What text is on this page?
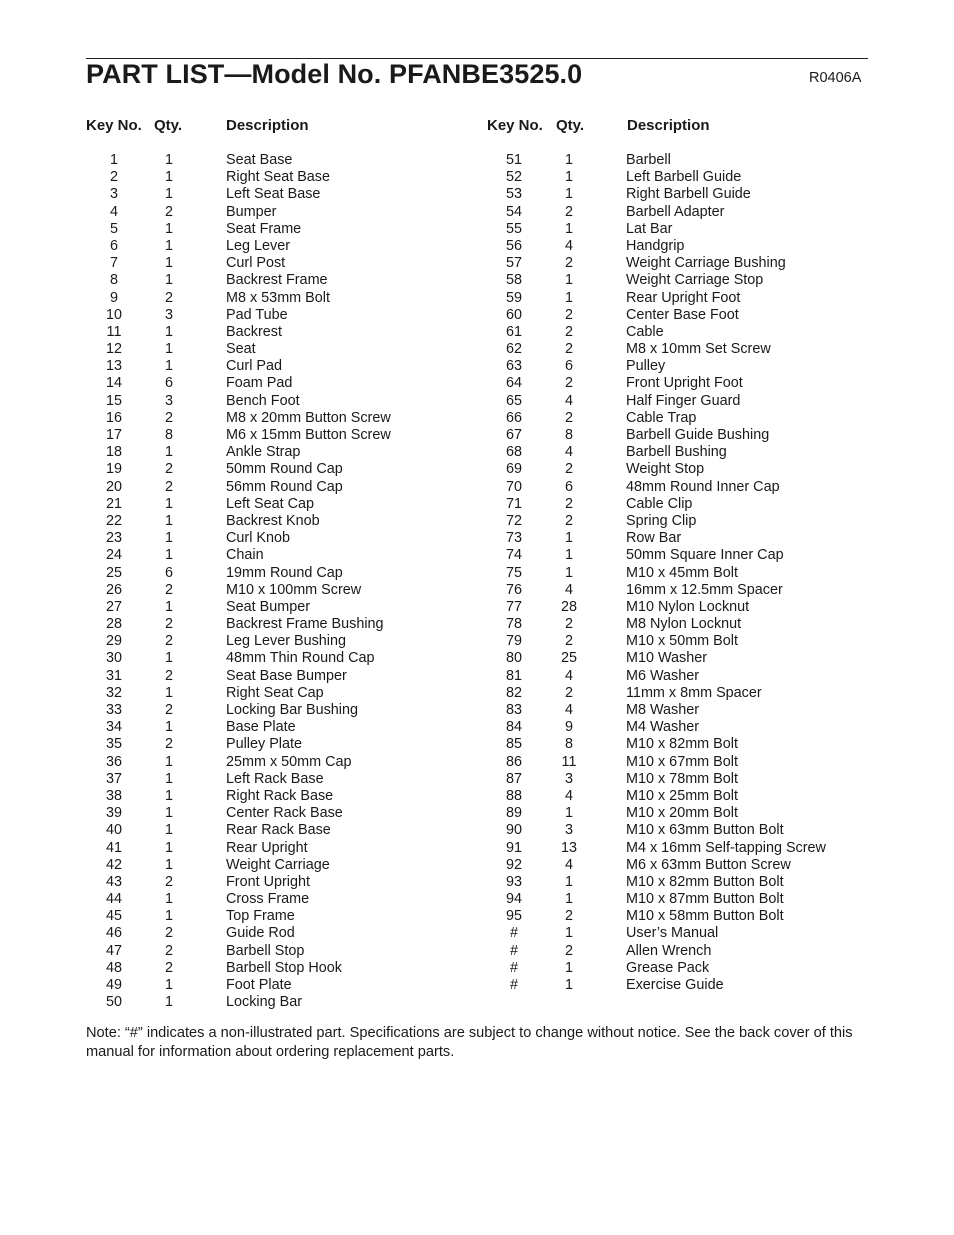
PART LIST—Model No. PFANBE3525.0	R0406A
Key No. Qty.	Description	Key No. Qty.	Description
1	1	Seat Base
2	1	Right Seat Base
3	1	Left Seat Base
4	2	Bumper
5	1	Seat Frame
6	1	Leg Lever
7	1	Curl Post
8	1	Backrest Frame
9	2	M8 x 53mm Bolt
10	3	Pad Tube
11	1	Backrest
12	1	Seat
13	1	Curl Pad
14	6	Foam Pad
15	3	Bench Foot
16	2	M8 x 20mm Button Screw
17	8	M6 x 15mm Button Screw
18	1	Ankle Strap
19	2	50mm Round Cap
20	2	56mm Round Cap
21	1	Left Seat Cap
22	1	Backrest Knob
23	1	Curl Knob
24	1	Chain
25	6	19mm Round Cap
26	2	M10 x 100mm Screw
27	1	Seat Bumper
28	2	Backrest Frame Bushing
29	2	Leg Lever Bushing
30	1	48mm Thin Round Cap
31	2	Seat Base Bumper
32	1	Right Seat Cap
33	2	Locking Bar Bushing
34	1	Base Plate
35	2	Pulley Plate
36	1	25mm x 50mm Cap
37	1	Left Rack Base
38	1	Right Rack Base
39	1	Center Rack Base
40	1	Rear Rack Base
41	1	Rear Upright
42	1	Weight Carriage
43	2	Front Upright
44	1	Cross Frame
45	1	Top Frame
46	2	Guide Rod
47	2	Barbell Stop
48	2	Barbell Stop Hook
49	1	Foot Plate
50	1	Locking Bar
51	1	Barbell
52	1	Left Barbell Guide
53	1	Right Barbell Guide
54	2	Barbell Adapter
55	1	Lat Bar
56	4	Handgrip
57	2	Weight Carriage Bushing
58	1	Weight Carriage Stop
59	1	Rear Upright Foot
60	2	Center Base Foot
61	2	Cable
62	2	M8 x 10mm Set Screw
63	6	Pulley
64	2	Front Upright Foot
65	4	Half Finger Guard
66	2	Cable Trap
67	8	Barbell Guide Bushing
68	4	Barbell Bushing
69	2	Weight Stop
70	6	48mm Round Inner Cap
71	2	Cable Clip
72	2	Spring Clip
73	1	Row Bar
74	1	50mm Square Inner Cap
75	1	M10 x 45mm Bolt
76	4	16mm x 12.5mm Spacer
77	28	M10 Nylon Locknut
78	2	M8 Nylon Locknut
79	2	M10 x 50mm Bolt
80	25	M10 Washer
81	4	M6 Washer
82	2	11mm x 8mm Spacer
83	4	M8 Washer
84	9	M4 Washer
85	8	M10 x 82mm Bolt
86	11	M10 x 67mm Bolt
87	3	M10 x 78mm Bolt
88	4	M10 x 25mm Bolt
89	1	M10 x 20mm Bolt
90	3	M10 x 63mm Button Bolt
91	13	M4 x 16mm Self-tapping Screw
92	4	M6 x 63mm Button Screw
93	1	M10 x 82mm Button Bolt
94	1	M10 x 87mm Button Bolt
95	2	M10 x 58mm Button Bolt
#	1	User’s Manual
#	2	Allen Wrench
#	1	Grease Pack
#	1	Exercise Guide
Note: “#” indicates a non-illustrated part. Specifications are subject to change without notice. See the back cover of this manual for information about ordering replacement parts.
